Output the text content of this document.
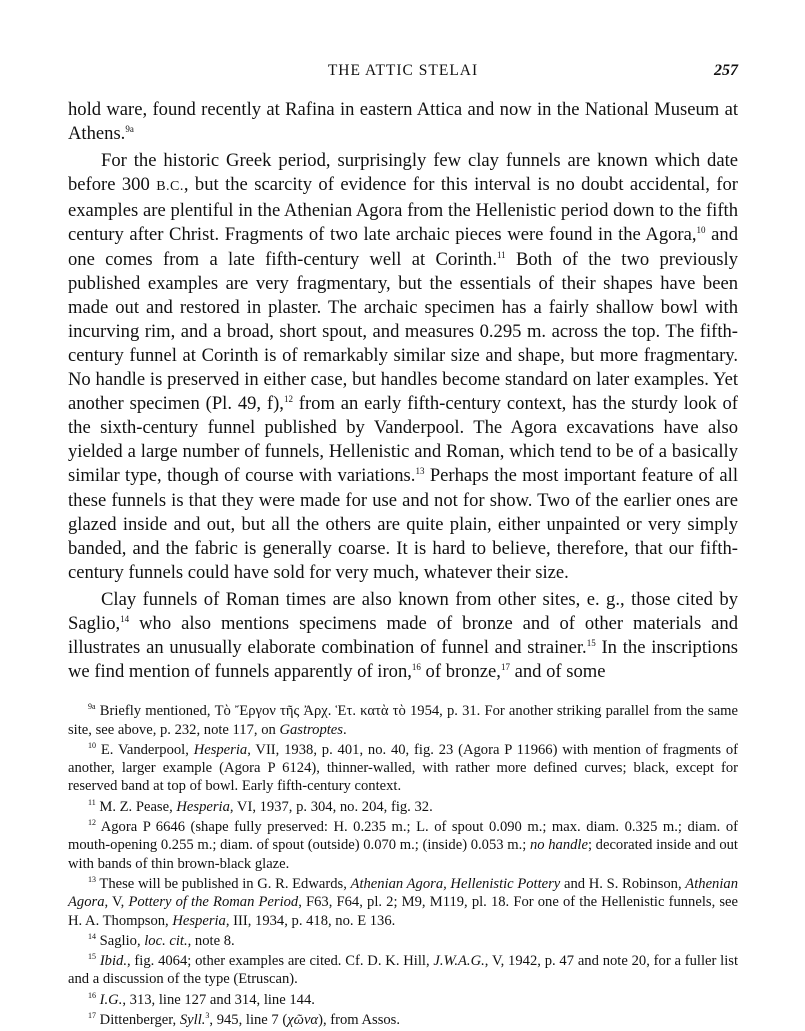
THE ATTIC STELAI	257

hold ware, found recently at Rafina in eastern Attica and now in the National Museum at Athens.$^{9a}$

For the historic Greek period, surprisingly few clay funnels are known which date before 300 B.C., but the scarcity of evidence for this interval is no doubt accidental, for examples are plentiful in the Athenian Agora from the Hellenistic period down to the fifth century after Christ. Fragments of two late archaic pieces were found in the Agora,$^{10}$ and one comes from a late fifth-century well at Corinth.$^{11}$ Both of the two previously published examples are very fragmentary, but the essentials of their shapes have been made out and restored in plaster. The archaic specimen has a fairly shallow bowl with incurving rim, and a broad, short spout, and measures 0.295 m. across the top. The fifth-century funnel at Corinth is of remarkably similar size and shape, but more fragmentary. No handle is preserved in either case, but handles become standard on later examples. Yet another specimen (Pl. 49, f),$^{12}$ from an early fifth-century context, has the sturdy look of the sixth-century funnel published by Vanderpool. The Agora excavations have also yielded a large number of funnels, Hellenistic and Roman, which tend to be of a basically similar type, though of course with variations.$^{13}$ Perhaps the most important feature of all these funnels is that they were made for use and not for show. Two of the earlier ones are glazed inside and out, but all the others are quite plain, either unpainted or very simply banded, and the fabric is generally coarse. It is hard to believe, therefore, that our fifth-century funnels could have sold for very much, whatever their size.

Clay funnels of Roman times are also known from other sites, e. g., those cited by Saglio,$^{14}$ who also mentions specimens made of bronze and of other materials and illustrates an unusually elaborate combination of funnel and strainer.$^{15}$ In the inscriptions we find mention of funnels apparently of iron,$^{16}$ of bronze,$^{17}$ and of some

$^{9a}$ Briefly mentioned, Τὸ Ἔργον τῆς Ἀρχ. Ἑτ. κατὰ τὸ 1954, p. 31. For another striking parallel from the same site, see above, p. 232, note 117, on Gastroptes.

$^{10}$ E. Vanderpool, Hesperia, VII, 1938, p. 401, no. 40, fig. 23 (Agora P 11966) with mention of fragments of another, larger example (Agora P 6124), thinner-walled, with rather more defined curves; black, except for reserved band at top of bowl. Early fifth-century context.

$^{11}$ M. Z. Pease, Hesperia, VI, 1937, p. 304, no. 204, fig. 32.

$^{12}$ Agora P 6646 (shape fully preserved: H. 0.235 m.; L. of spout 0.090 m.; max. diam. 0.325 m.; diam. of mouth-opening 0.255 m.; diam. of spout (outside) 0.070 m.; (inside) 0.053 m.; no handle; decorated inside and out with bands of thin brown-black glaze.

$^{13}$ These will be published in G. R. Edwards, Athenian Agora, Hellenistic Pottery and H. S. Robinson, Athenian Agora, V, Pottery of the Roman Period, F63, F64, pl. 2; M9, M119, pl. 18. For one of the Hellenistic funnels, see H. A. Thompson, Hesperia, III, 1934, p. 418, no. E 136.

$^{14}$ Saglio, loc. cit., note 8.

$^{15}$ Ibid., fig. 4064; other examples are cited. Cf. D. K. Hill, J.W.A.G., V, 1942, p. 47 and note 20, for a fuller list and a discussion of the type (Etruscan).

$^{16}$ I.G., 313, line 127 and 314, line 144.

$^{17}$ Dittenberger, Syll.$^3$, 945, line 7 (χῶνα), from Assos.
